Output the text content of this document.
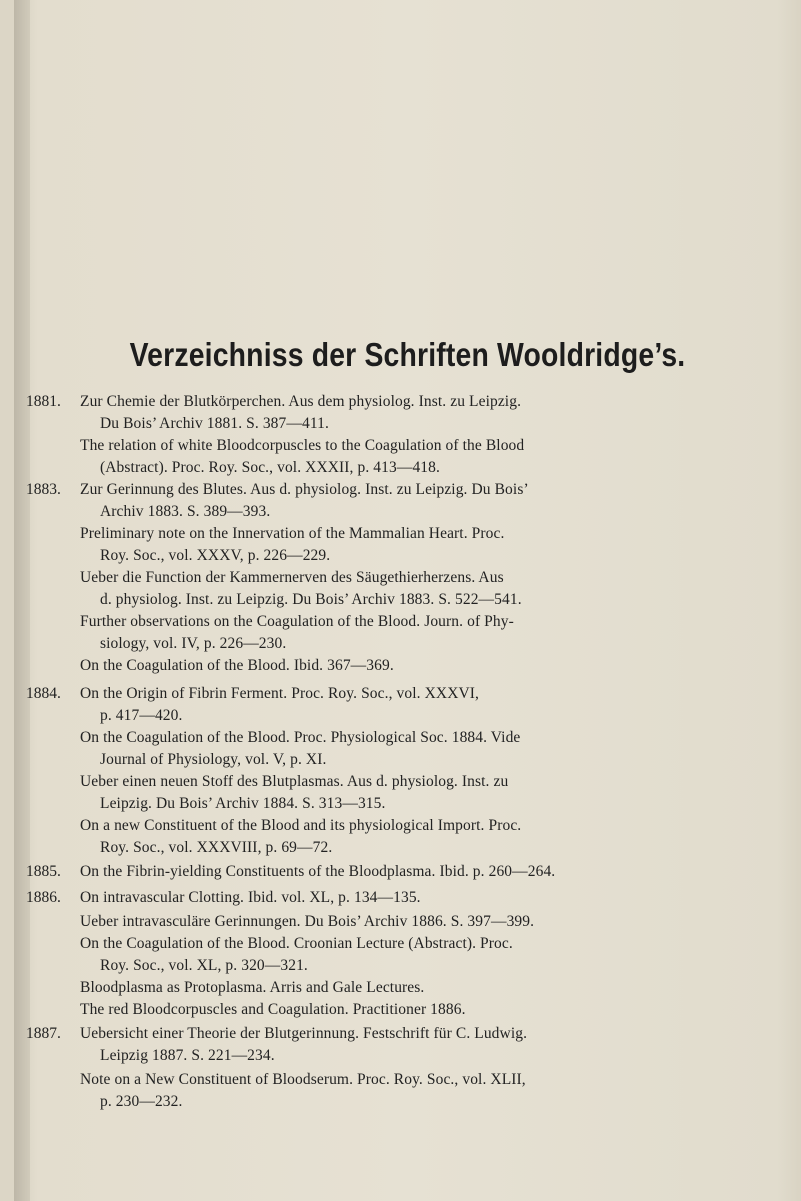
Verzeichniss der Schriften Wooldridge’s.
1881. Zur Chemie der Blutkörperchen. Aus dem physiolog. Inst. zu Leipzig.
Du Bois’ Archiv 1881. S. 387—411.
The relation of white Bloodcorpuscles to the Coagulation of the Blood
(Abstract). Proc. Roy. Soc., vol. XXXII, p. 413—418.
1883. Zur Gerinnung des Blutes. Aus d. physiolog. Inst. zu Leipzig. Du Bois’
Archiv 1883. S. 389—393.
Preliminary note on the Innervation of the Mammalian Heart. Proc.
Roy. Soc., vol. XXXV, p. 226—229.
Ueber die Function der Kammernerven des Säugethierherzens. Aus
d. physiolog. Inst. zu Leipzig. Du Bois’ Archiv 1883. S. 522—541.
Further observations on the Coagulation of the Blood. Journ. of Phy-
siology, vol. IV, p. 226—230.
On the Coagulation of the Blood. Ibid. 367—369.
1884. On the Origin of Fibrin Ferment. Proc. Roy. Soc., vol. XXXVI,
p. 417—420.
On the Coagulation of the Blood. Proc. Physiological Soc. 1884. Vide
Journal of Physiology, vol. V, p. XI.
Ueber einen neuen Stoff des Blutplasmas. Aus d. physiolog. Inst. zu
Leipzig. Du Bois’ Archiv 1884. S. 313—315.
On a new Constituent of the Blood and its physiological Import. Proc.
Roy. Soc., vol. XXXVIII, p. 69—72.
1885. On the Fibrin-yielding Constituents of the Bloodplasma. Ibid. p. 260—264.
1886. On intravascular Clotting. Ibid. vol. XL, p. 134—135.
Ueber intravasculäre Gerinnungen. Du Bois’ Archiv 1886. S. 397—399.
On the Coagulation of the Blood. Croonian Lecture (Abstract). Proc.
Roy. Soc., vol. XL, p. 320—321.
Bloodplasma as Protoplasma. Arris and Gale Lectures.
The red Bloodcorpuscles and Coagulation. Practitioner 1886.
1887. Uebersicht einer Theorie der Blutgerinnung. Festschrift für C. Ludwig.
Leipzig 1887. S. 221—234.
Note on a New Constituent of Bloodserum. Proc. Roy. Soc., vol. XLII,
p. 230—232.
